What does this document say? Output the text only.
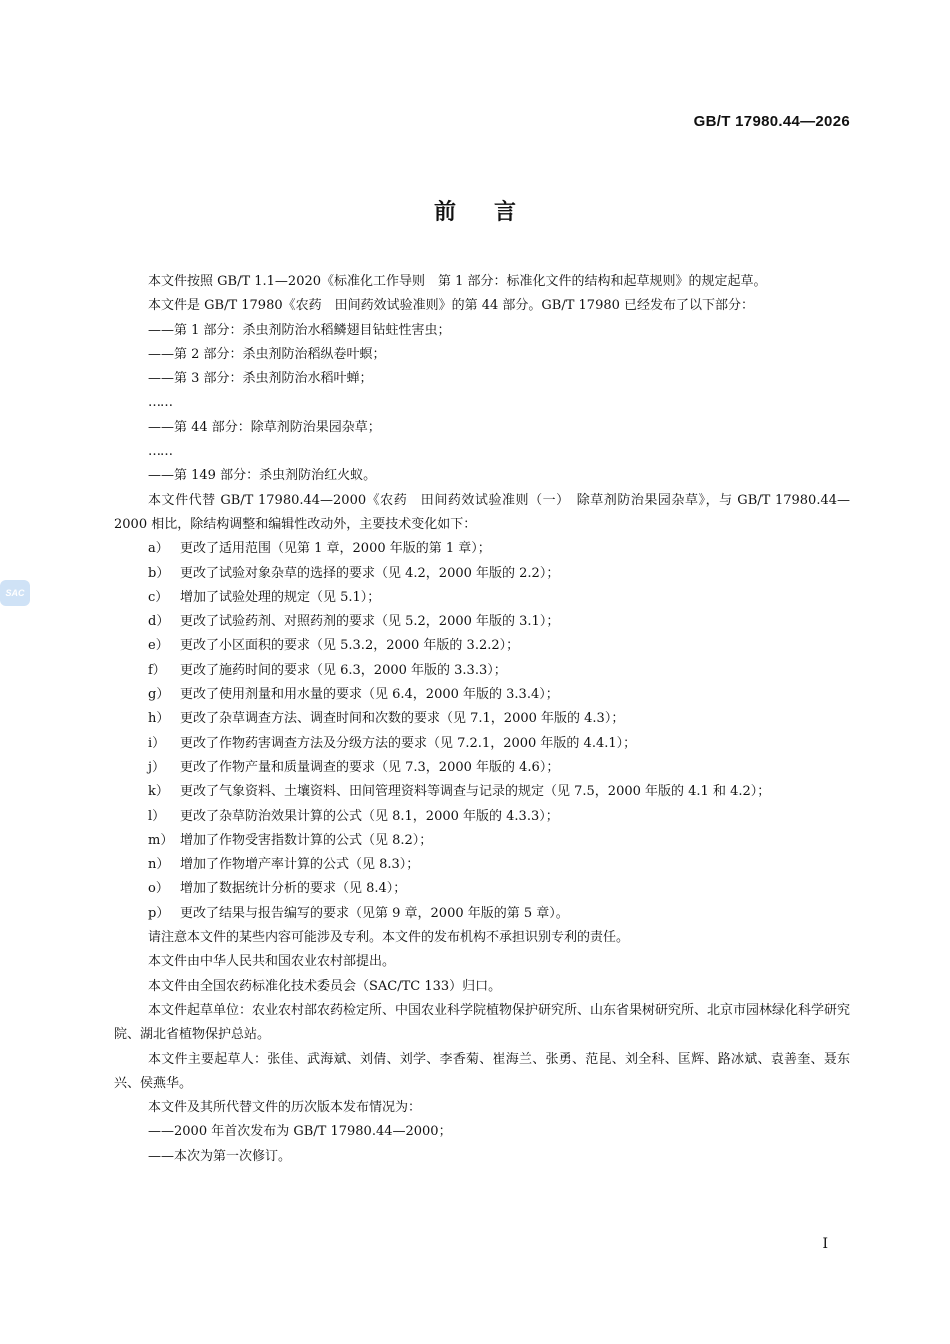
GB/T 17980.44—2026
前言
SAC

本文件按照 GB/T 1.1—2020《标准化工作导则　第 1 部分：标准化文件的结构和起草规则》的规定起草。

本文件是 GB/T 17980《农药　田间药效试验准则》的第 44 部分。GB/T 17980 已经发布了以下部分：

——第 1 部分：杀虫剂防治水稻鳞翅目钻蛀性害虫；

——第 2 部分：杀虫剂防治稻纵卷叶螟；

——第 3 部分：杀虫剂防治水稻叶蝉；

……

——第 44 部分：除草剂防治果园杂草；

……

——第 149 部分：杀虫剂防治红火蚁。

本文件代替 GB/T 17980.44—2000《农药　田间药效试验准则（一）　除草剂防治果园杂草》，与 GB/T 17980.44—2000 相比，除结构调整和编辑性改动外，主要技术变化如下：

a） 更改了适用范围（见第 1 章，2000 年版的第 1 章）；
b） 更改了试验对象杂草的选择的要求（见 4.2，2000 年版的 2.2）；
c） 增加了试验处理的规定（见 5.1）；
d） 更改了试验药剂、对照药剂的要求（见 5.2，2000 年版的 3.1）；
e） 更改了小区面积的要求（见 5.3.2，2000 年版的 3.2.2）；
f）	更改了施药时间的要求（见 6.3，2000 年版的 3.3.3）；
g） 更改了使用剂量和用水量的要求（见 6.4，2000 年版的 3.3.4）；
h） 更改了杂草调查方法、调查时间和次数的要求（见 7.1，2000 年版的 4.3）；
i）	更改了作物药害调查方法及分级方法的要求（见 7.2.1，2000 年版的 4.4.1）；
j）	更改了作物产量和质量调查的要求（见 7.3，2000 年版的 4.6）；
k） 更改了气象资料、土壤资料、田间管理资料等调查与记录的规定（见 7.5，2000 年版的 4.1 和 4.2）；
l）	更改了杂草防治效果计算的公式（见 8.1，2000 年版的 4.3.3）；
m） 增加了作物受害指数计算的公式（见 8.2）；
n） 增加了作物增产率计算的公式（见 8.3）；
o） 增加了数据统计分析的要求（见 8.4）；
p） 更改了结果与报告编写的要求（见第 9 章，2000 年版的第 5 章）。

请注意本文件的某些内容可能涉及专利。本文件的发布机构不承担识别专利的责任。

本文件由中华人民共和国农业农村部提出。

本文件由全国农药标准化技术委员会（SAC/TC 133）归口。

本文件起草单位：农业农村部农药检定所、中国农业科学院植物保护研究所、山东省果树研究所、北京市园林绿化科学研究院、湖北省植物保护总站。

本文件主要起草人：张佳、武海斌、刘倩、刘学、李香菊、崔海兰、张勇、范昆、刘全科、匡辉、路冰斌、袁善奎、聂东兴、侯燕华。

本文件及其所代替文件的历次版本发布情况为：

——2000 年首次发布为 GB/T 17980.44—2000；

——本次为第一次修订。

I
